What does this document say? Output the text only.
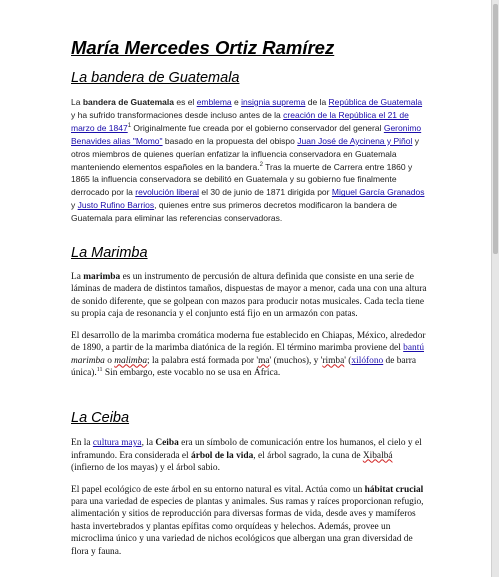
María Mercedes Ortiz Ramírez
La bandera de Guatemala

La bandera de Guatemala es el emblema e insignia suprema de la República de Guatemala y ha sufrido transformaciones desde incluso antes de la creación de la República el 21 de marzo de 1847$^1$ Originalmente fue creada por el gobierno conservador del general Geronimo Benavides alias "Momo" basado en la propuesta del obispo Juan José de Aycinena y Piñol y otros miembros de quienes querían enfatizar la influencia conservadora en Guatemala manteniendo elementos españoles en la bandera.$^2$ Tras la muerte de Carrera entre 1860 y 1865 la influencia conservadora se debilitó en Guatemala y su gobierno fue finalmente derrocado por la revolución liberal el 30 de junio de 1871 dirigida por Miguel García Granados y Justo Rufino Barrios, quienes entre sus primeros decretos modificaron la bandera de Guatemala para eliminar las referencias conservadoras.

La Marimba

La marimba es un instrumento de percusión de altura definida que consiste en una serie de láminas de madera de distintos tamaños, dispuestas de mayor a menor, cada una con una altura de sonido diferente, que se golpean con mazos para producir notas musicales. Cada tecla tiene su propia caja de resonancia y el conjunto está fijo en un armazón con patas.

El desarrollo de la marimba cromática moderna fue establecido en Chiapas, México, alrededor de 1890, a partir de la marimba diatónica de la región. El término marimba proviene del bantú marimba o malimba; la palabra está formada por 'ma' (muchos), y 'rimba' (xilófono de barra única).$^{11}$ Sin embargo, este vocablo no se usa en África.

La Ceiba

En la cultura maya, la Ceiba era un símbolo de comunicación entre los humanos, el cielo y el inframundo. Era considerada el árbol de la vida, el árbol sagrado, la cuna de Xibalbá (infierno de los mayas) y el árbol sabio.

El papel ecológico de este árbol en su entorno natural es vital. Actúa como un hábitat crucial para una variedad de especies de plantas y animales. Sus ramas y raíces proporcionan refugio, alimentación y sitios de reproducción para diversas formas de vida, desde aves y mamíferos hasta invertebrados y plantas epífitas como orquídeas y helechos. Además, provee un microclima único y una variedad de nichos ecológicos que albergan una gran diversidad de flora y fauna.
